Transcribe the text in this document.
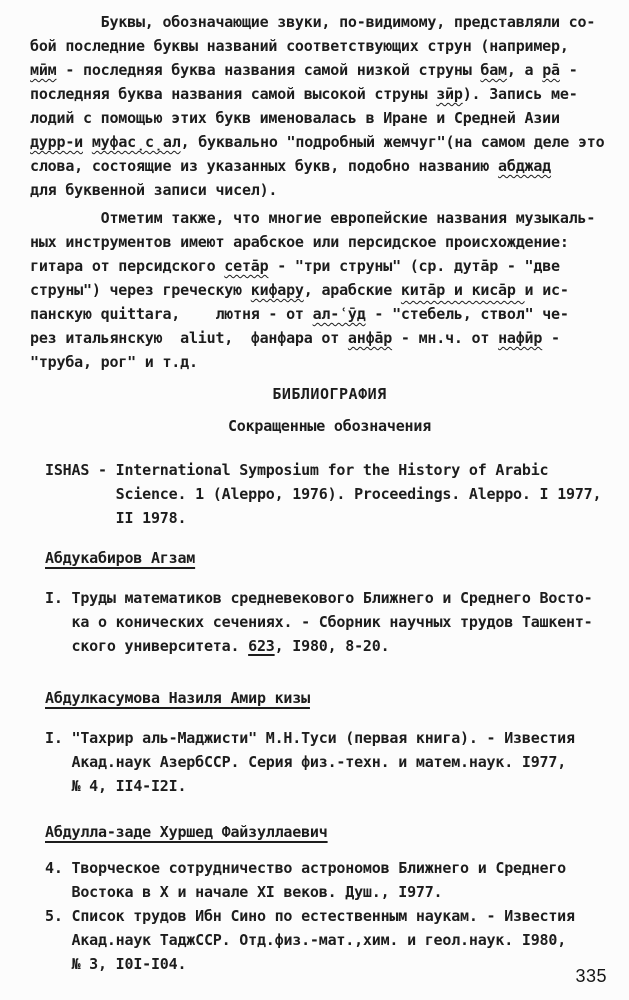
Буквы, обозначающие звуки, по-видимому, представляли со-
бой последние буквы названий соответствующих струн (например,
мӣм - последняя буква названия самой низкой струны бам, а ра̄ -
последняя буква названия самой высокой струны зӣр). Запись ме-
лодий с помощью этих букв именовалась в Иране и Средней Азии
дурр-и муфас̣с̣ал, буквально "подробный жемчуг"(на самом деле это
слова, состоящие из указанных букв, подобно названию абджад
для буквенной записи чисел).
Отметим также, что многие европейские названия музыкаль-
ных инструментов имеют арабское или персидское происхождение:
гитара от персидского сета̄р - "три струны" (ср. дута̄р - "две
струны") через греческую кифару, арабские кита̄р и киса̄р и ис-
панскую quittara,    лютня - от ал-ʿӯд - "стебель, ствол" че-
рез итальянскую  aliut,  фанфара от анфа̄р - мн.ч. от нафӣр -
"труба, рог" и т.д.
БИБЛИОГРАФИЯ
Сокращенные обозначения
ISHAS - International Symposium for the History of Arabic
Science. 1 (Aleppo, 1976). Proceedings. Aleppo. I 1977,
II 1978.
Абдукабиров Агзам
I. Труды математиков средневекового Ближнего и Среднего Восто-
ка о конических сечениях. - Сборник научных трудов Ташкент-
ского университета. 623, I980, 8-20.
Абдулкасумова Назиля Амир кизы
I. "Тахрир аль-Маджисти" М.Н.Туси (первая книга). - Известия
Акад.наук АзербССР. Серия физ.-техн. и матем.наук. I977,
№ 4, II4-I2I.
Абдулла-заде Хуршед Файзуллаевич
4. Творческое сотрудничество астрономов Ближнего и Среднего
Востока в X и начале XI веков. Душ., I977.
5. Список трудов Ибн Сино по естественным наукам. - Известия
Акад.наук ТаджССР. Отд.физ.-мат.,хим. и геол.наук. I980,
№ 3, I0I-I04.
335
